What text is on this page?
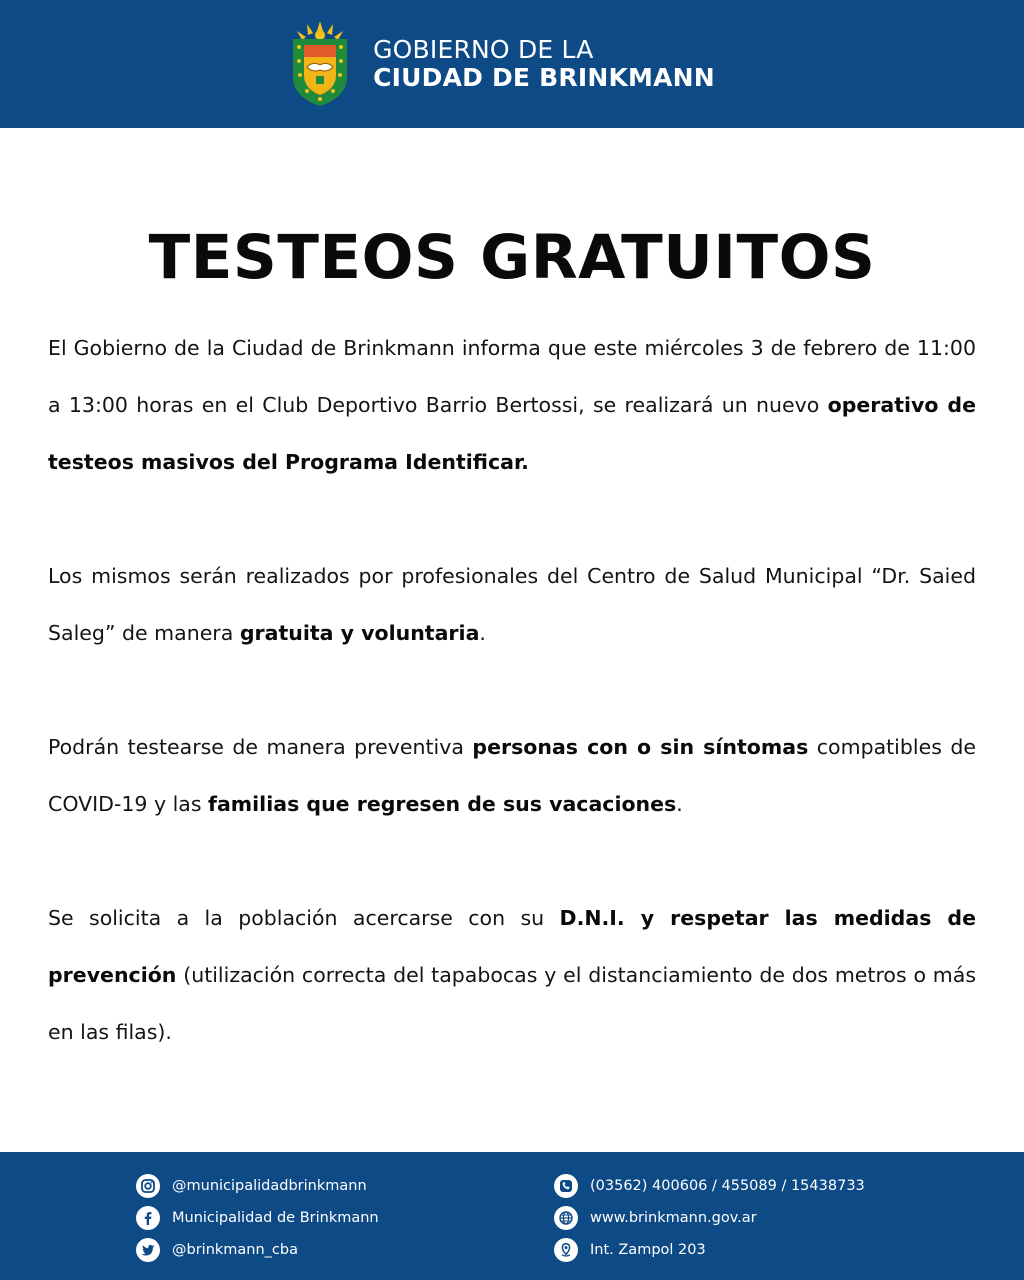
GOBIERNO DE LA
CIUDAD DE BRINKMANN
TESTEOS GRATUITOS

El Gobierno de la Ciudad de Brinkmann informa que este miércoles 3 de febrero de 11:00 a 13:00 horas en el Club Deportivo Barrio Bertossi, se realizará un nuevo operativo de testeos masivos del Programa Identificar.

Los mismos serán realizados por profesionales del Centro de Salud Municipal “Dr. Saied Saleg” de manera gratuita y voluntaria.

Podrán testearse de manera preventiva personas con o sin síntomas compatibles de COVID-19 y las familias que regresen de sus vacaciones.

Se solicita a la población acercarse con su D.N.I. y respetar las medidas de prevención (utilización correcta del tapabocas y el distanciamiento de dos metros o más en las filas).

@municipalidadbrinkmann
Municipalidad de Brinkmann
@brinkmann_cba
(03562) 400606 / 455089 / 15438733
www.brinkmann.gov.ar
Int. Zampol 203
